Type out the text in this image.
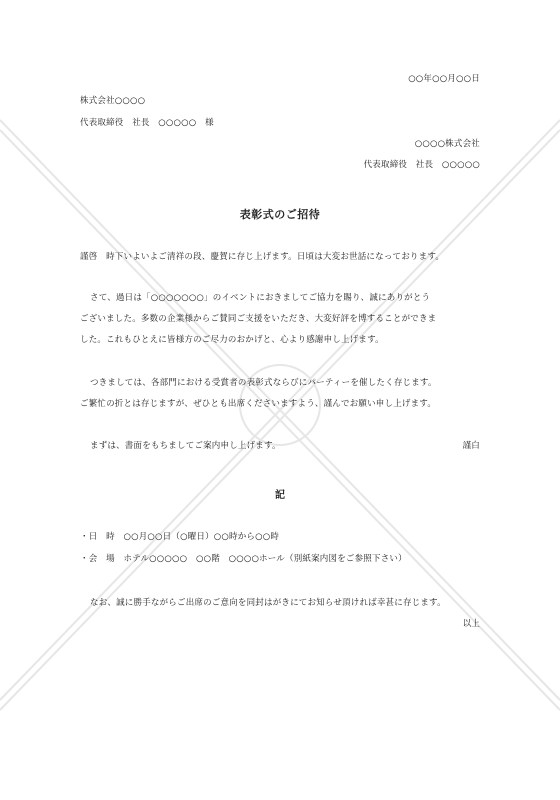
○○年○○月○○日
株式会社○○○○
代表取締役　社長　○○○○○　様
○○○○株式会社
代表取締役　社長　○○○○○
表彰式のご招待
謹啓　時下いよいよご清祥の段、慶賀に存じ上げます。日頃は大変お世話になっております。
さて、過日は「○○○○○○○」のイベントにおきましてご協力を賜り、誠にありがとう
ございました。多数の企業様からご賛同ご支援をいただき、大変好評を博することができま
した。これもひとえに皆様方のご尽力のおかげと、心より感謝申し上げます。
つきましては、各部門における受賞者の表彰式ならびにパーティーを催したく存じます。
ご繁忙の折とは存じますが、ぜひとも出席くださいますよう、謹んでお願い申し上げます。
まずは、書面をもちましてご案内申し上げます。	謹白
記
・日　時　○○月○○日（○曜日）○○時から○○時
・会　場　ホテル○○○○○　○○階　○○○○ホール（別紙案内図をご参照下さい）
なお、誠に勝手ながらご出席のご意向を同封はがきにてお知らせ頂ければ幸甚に存じます。
以上
